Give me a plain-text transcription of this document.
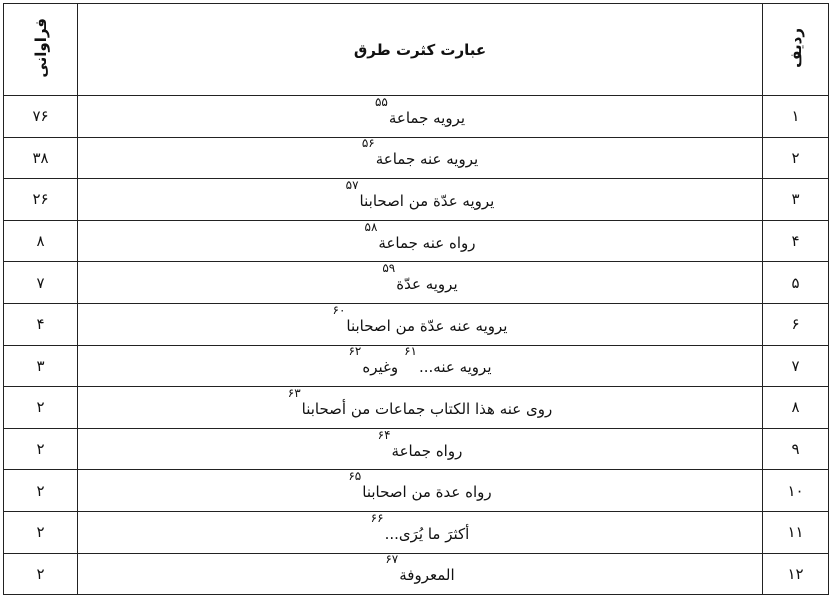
ردیف	عبارت کثرت طرق	فراوانی
۱	یرویه جماعة$^{۵۵}$	۷۶
۲	یرویه عنه جماعة$^{۵۶}$	۳۸
۳	یرویه عدّة من اصحابنا$^{۵۷}$	۲۶
۴	رواه عنه جماعة$^{۵۸}$	۸
۵	یرویه عدّة$^{۵۹}$	۷
۶	یرویه عنه عدّة من اصحابنا$^{۶۰}$	۴
۷	یرویه عنه...$^{۶۱}$وغیره$^{۶۲}$	۳
۸	روی عنه هذا الکتاب جماعات من أصحابنا$^{۶۳}$	۲
۹	رواه جماعة$^{۶۴}$	۲
۱۰	رواه عدة من اصحابنا$^{۶۵}$	۲
۱۱	أکثرَ ما یُرَی...$^{۶۶}$	۲
۱۲	المعروفة$^{۶۷}$	۲
